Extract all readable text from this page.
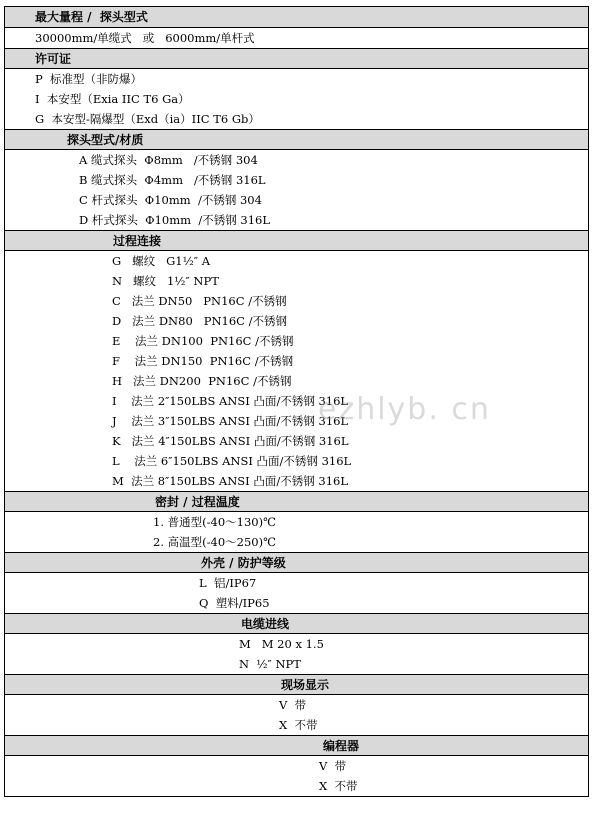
最大量程 /  探头型式
30000mm/单缆式   或   6000mm/单杆式
许可证
P  标准型（非防爆）
I  本安型（Exia IIC T6 Ga）
G  本安型-隔爆型（Exd（ia）IIC T6 Gb）
探头型式/材质
A 缆式探头  Φ8mm   /不锈钢 304
B 缆式探头  Φ4mm   /不锈钢 316L
C 杆式探头  Φ10mm  /不锈钢 304
D 杆式探头  Φ10mm  /不锈钢 316L
过程连接
G   螺纹   G1½″ A
N   螺纹   1½″ NPT
C   法兰 DN50   PN16C /不锈钢
D   法兰 DN80   PN16C /不锈钢
E    法兰 DN100  PN16C /不锈钢
F    法兰 DN150  PN16C /不锈钢
H   法兰 DN200  PN16C /不锈钢
I    法兰 2″150LBS ANSI 凸面/不锈钢 316L
J    法兰 3″150LBS ANSI 凸面/不锈钢 316L
K   法兰 4″150LBS ANSI 凸面/不锈钢 316L
L    法兰 6″150LBS ANSI 凸面/不锈钢 316L
M  法兰 8″150LBS ANSI 凸面/不锈钢 316L
密封 / 过程温度
1. 普通型(-40～130)℃
2. 高温型(-40～250)℃
外壳 / 防护等级
L  铝/IP67
Q  塑料/IP65
电缆进线
M   M 20 x 1.5
N  ½″ NPT
现场显示
V  带
X  不带
编程器
V  带
X  不带
ezhlyb. cn
